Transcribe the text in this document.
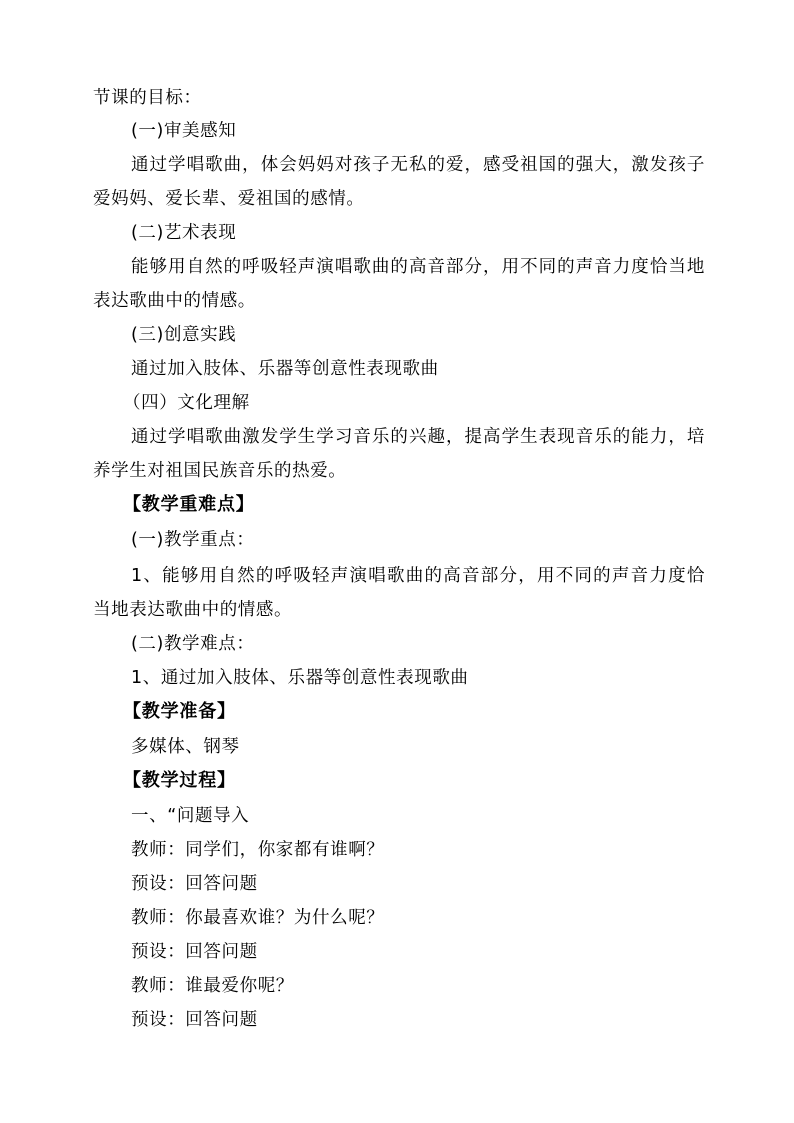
节课的目标：
(一)审美感知
通过学唱歌曲，体会妈妈对孩子无私的爱，感受祖国的强大，激发孩子
爱妈妈、爱长辈、爱祖国的感情。
(二)艺术表现
能够用自然的呼吸轻声演唱歌曲的高音部分，用不同的声音力度恰当地
表达歌曲中的情感。
(三)创意实践
通过加入肢体、乐器等创意性表现歌曲
（四）文化理解
通过学唱歌曲激发学生学习音乐的兴趣，提高学生表现音乐的能力，培
养学生对祖国民族音乐的热爱。
【教学重难点】
(一)教学重点：
1、能够用自然的呼吸轻声演唱歌曲的高音部分，用不同的声音力度恰
当地表达歌曲中的情感。
(二)教学难点：
1、通过加入肢体、乐器等创意性表现歌曲
【教学准备】
多媒体、钢琴
【教学过程】
一、“问题导入
教师：同学们，你家都有谁啊？
预设：回答问题
教师：你最喜欢谁？为什么呢？
预设：回答问题
教师：谁最爱你呢？
预设：回答问题
